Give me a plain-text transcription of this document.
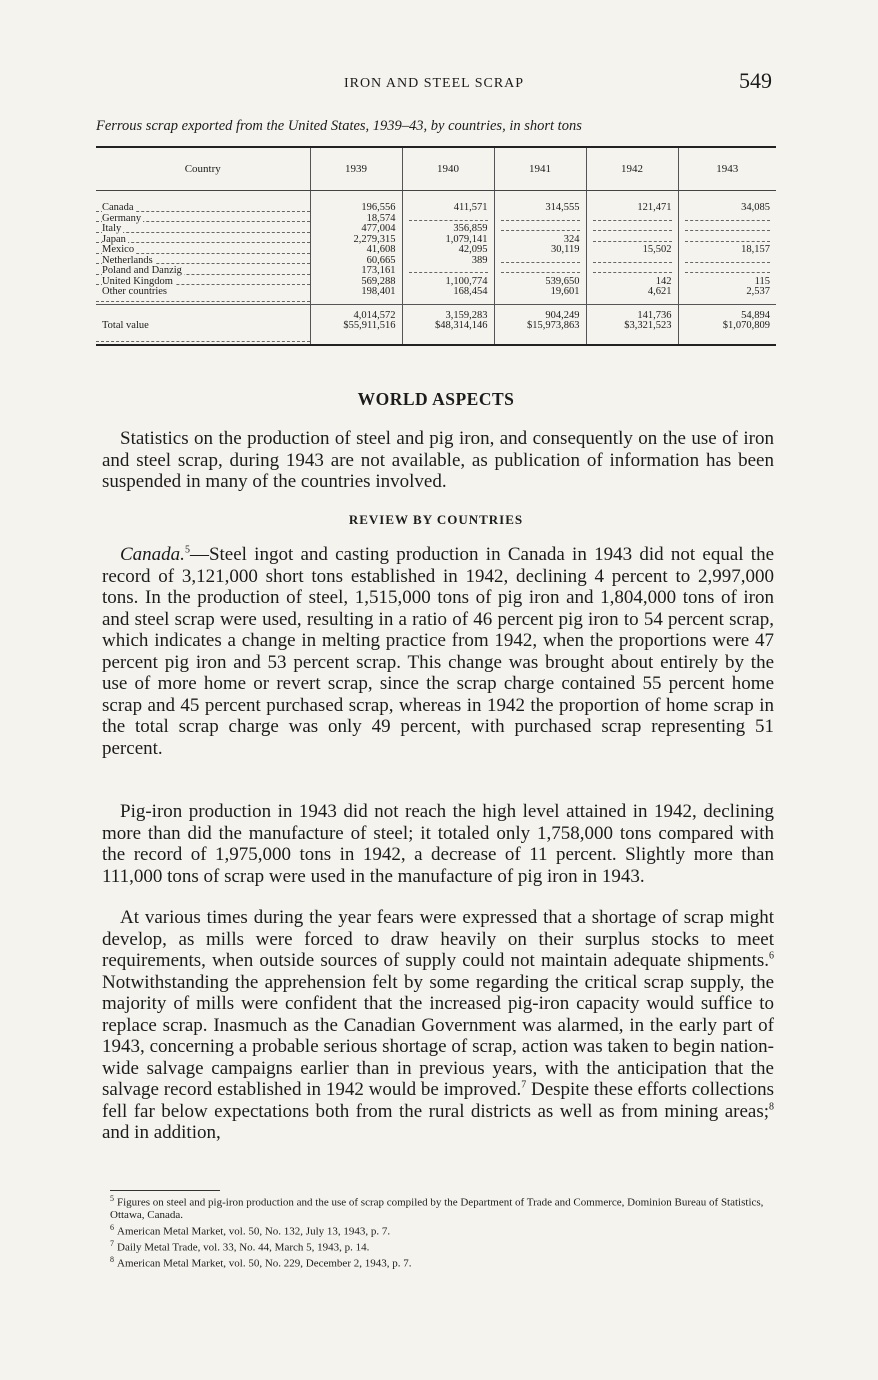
IRON AND STEEL SCRAP	549
Ferrous scrap exported from the United States, 1939–43, by countries, in short tons
Country	1939	1940	1941	1942	1943

Canada	196,556	411,571	314,555	121,471	34,085

Germany	18,574				

Italy	477,004	356,859			

Japan	2,279,315	1,079,141	324		

Mexico	41,608	42,095	30,119	15,502	18,157

Netherlands	60,665	389			

Poland and Danzig	173,161				

United Kingdom	569,288	1,100,774	539,650	142	115

Other countries	198,401	168,454	19,601	4,621	2,537
	4,014,572	3,159,283	904,249	141,736	54,894

Total value	$55,911,516	$48,314,146	$15,973,863	$3,321,523	$1,070,809
WORLD ASPECTS

Statistics on the production of steel and pig iron, and consequently on the use of iron and steel scrap, during 1943 are not available, as publication of information has been suspended in many of the countries involved.

REVIEW BY COUNTRIES

Canada.$^5$—Steel ingot and casting production in Canada in 1943 did not equal the record of 3,121,000 short tons established in 1942, declining 4 percent to 2,997,000 tons. In the production of steel, 1,515,000 tons of pig iron and 1,804,000 tons of iron and steel scrap were used, resulting in a ratio of 46 percent pig iron to 54 percent scrap, which indicates a change in melting practice from 1942, when the proportions were 47 percent pig iron and 53 percent scrap. This change was brought about entirely by the use of more home or revert scrap, since the scrap charge contained 55 percent home scrap and 45 percent purchased scrap, whereas in 1942 the proportion of home scrap in the total scrap charge was only 49 percent, with purchased scrap representing 51 percent.

Pig-iron production in 1943 did not reach the high level attained in 1942, declining more than did the manufacture of steel; it totaled only 1,758,000 tons compared with the record of 1,975,000 tons in 1942, a decrease of 11 percent. Slightly more than 111,000 tons of scrap were used in the manufacture of pig iron in 1943.

At various times during the year fears were expressed that a shortage of scrap might develop, as mills were forced to draw heavily on their surplus stocks to meet requirements, when outside sources of supply could not maintain adequate shipments.$^6$ Notwithstanding the apprehension felt by some regarding the critical scrap supply, the majority of mills were confident that the increased pig-iron capacity would suffice to replace scrap. Inasmuch as the Canadian Government was alarmed, in the early part of 1943, concerning a probable serious shortage of scrap, action was taken to begin nation-wide salvage campaigns earlier than in previous years, with the anticipation that the salvage record established in 1942 would be improved.$^7$ Despite these efforts collections fell far below expectations both from the rural districts as well as from mining areas;$^8$ and in addition,

$^5$ Figures on steel and pig-iron production and the use of scrap compiled by the Department of Trade and Commerce, Dominion Bureau of Statistics, Ottawa, Canada.
$^6$ American Metal Market, vol. 50, No. 132, July 13, 1943, p. 7.
$^7$ Daily Metal Trade, vol. 33, No. 44, March 5, 1943, p. 14.
$^8$ American Metal Market, vol. 50, No. 229, December 2, 1943, p. 7.
